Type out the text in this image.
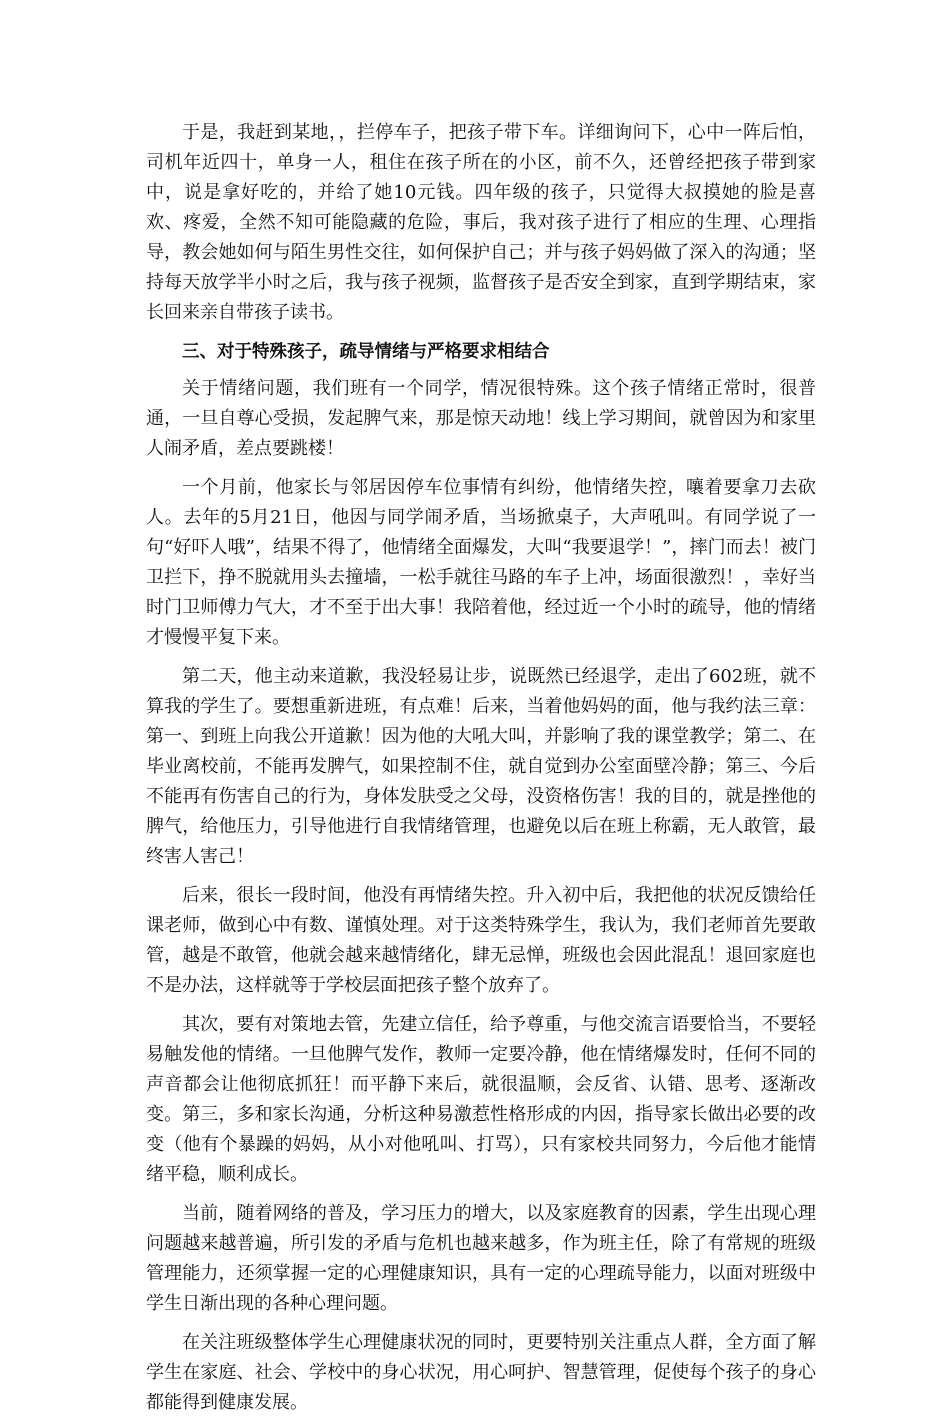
于是，我赶到某地，，拦停车子，把孩子带下车。详细询问下，心中一阵后怕，司机年近四十，单身一人，租住在孩子所在的小区，前不久，还曾经把孩子带到家中，说是拿好吃的，并给了她10元钱。四年级的孩子，只觉得大叔摸她的脸是喜欢、疼爱，全然不知可能隐藏的危险，事后，我对孩子进行了相应的生理、心理指导，教会她如何与陌生男性交往，如何保护自己；并与孩子妈妈做了深入的沟通；坚持每天放学半小时之后，我与孩子视频，监督孩子是否安全到家，直到学期结束，家长回来亲自带孩子读书。

三、对于特殊孩子，疏导情绪与严格要求相结合

关于情绪问题，我们班有一个同学，情况很特殊。这个孩子情绪正常时，很普通，一旦自尊心受损，发起脾气来，那是惊天动地！线上学习期间，就曾因为和家里人闹矛盾，差点要跳楼！

一个月前，他家长与邻居因停车位事情有纠纷，他情绪失控，嚷着要拿刀去砍人。去年的5月21日，他因与同学闹矛盾，当场掀桌子，大声吼叫。有同学说了一句“好吓人哦”，结果不得了，他情绪全面爆发，大叫“我要退学！”，摔门而去！被门卫拦下，挣不脱就用头去撞墙，一松手就往马路的车子上冲，场面很激烈！，幸好当时门卫师傅力气大，才不至于出大事！我陪着他，经过近一个小时的疏导，他的情绪才慢慢平复下来。

第二天，他主动来道歉，我没轻易让步，说既然已经退学，走出了602班，就不算我的学生了。要想重新进班，有点难！后来，当着他妈妈的面，他与我约法三章：第一、到班上向我公开道歉！因为他的大吼大叫，并影响了我的课堂教学；第二、在毕业离校前，不能再发脾气，如果控制不住，就自觉到办公室面壁冷静；第三、今后不能再有伤害自己的行为，身体发肤受之父母，没资格伤害！我的目的，就是挫他的脾气，给他压力，引导他进行自我情绪管理，也避免以后在班上称霸，无人敢管，最终害人害己！

后来，很长一段时间，他没有再情绪失控。升入初中后，我把他的状况反馈给任课老师，做到心中有数、谨慎处理。对于这类特殊学生，我认为，我们老师首先要敢管，越是不敢管，他就会越来越情绪化，肆无忌惮，班级也会因此混乱！退回家庭也不是办法，这样就等于学校层面把孩子整个放弃了。

其次，要有对策地去管，先建立信任，给予尊重，与他交流言语要恰当，不要轻易触发他的情绪。一旦他脾气发作，教师一定要冷静，他在情绪爆发时，任何不同的声音都会让他彻底抓狂！而平静下来后，就很温顺，会反省、认错、思考、逐渐改变。第三，多和家长沟通，分析这种易激惹性格形成的内因，指导家长做出必要的改变（他有个暴躁的妈妈，从小对他吼叫、打骂），只有家校共同努力，今后他才能情绪平稳，顺利成长。

当前，随着网络的普及，学习压力的增大，以及家庭教育的因素，学生出现心理问题越来越普遍，所引发的矛盾与危机也越来越多，作为班主任，除了有常规的班级管理能力，还须掌握一定的心理健康知识，具有一定的心理疏导能力，以面对班级中学生日渐出现的各种心理问题。

在关注班级整体学生心理健康状况的同时，更要特别关注重点人群，全方面了解学生在家庭、社会、学校中的身心状况，用心呵护、智慧管理，促使每个孩子的身心都能得到健康发展。
